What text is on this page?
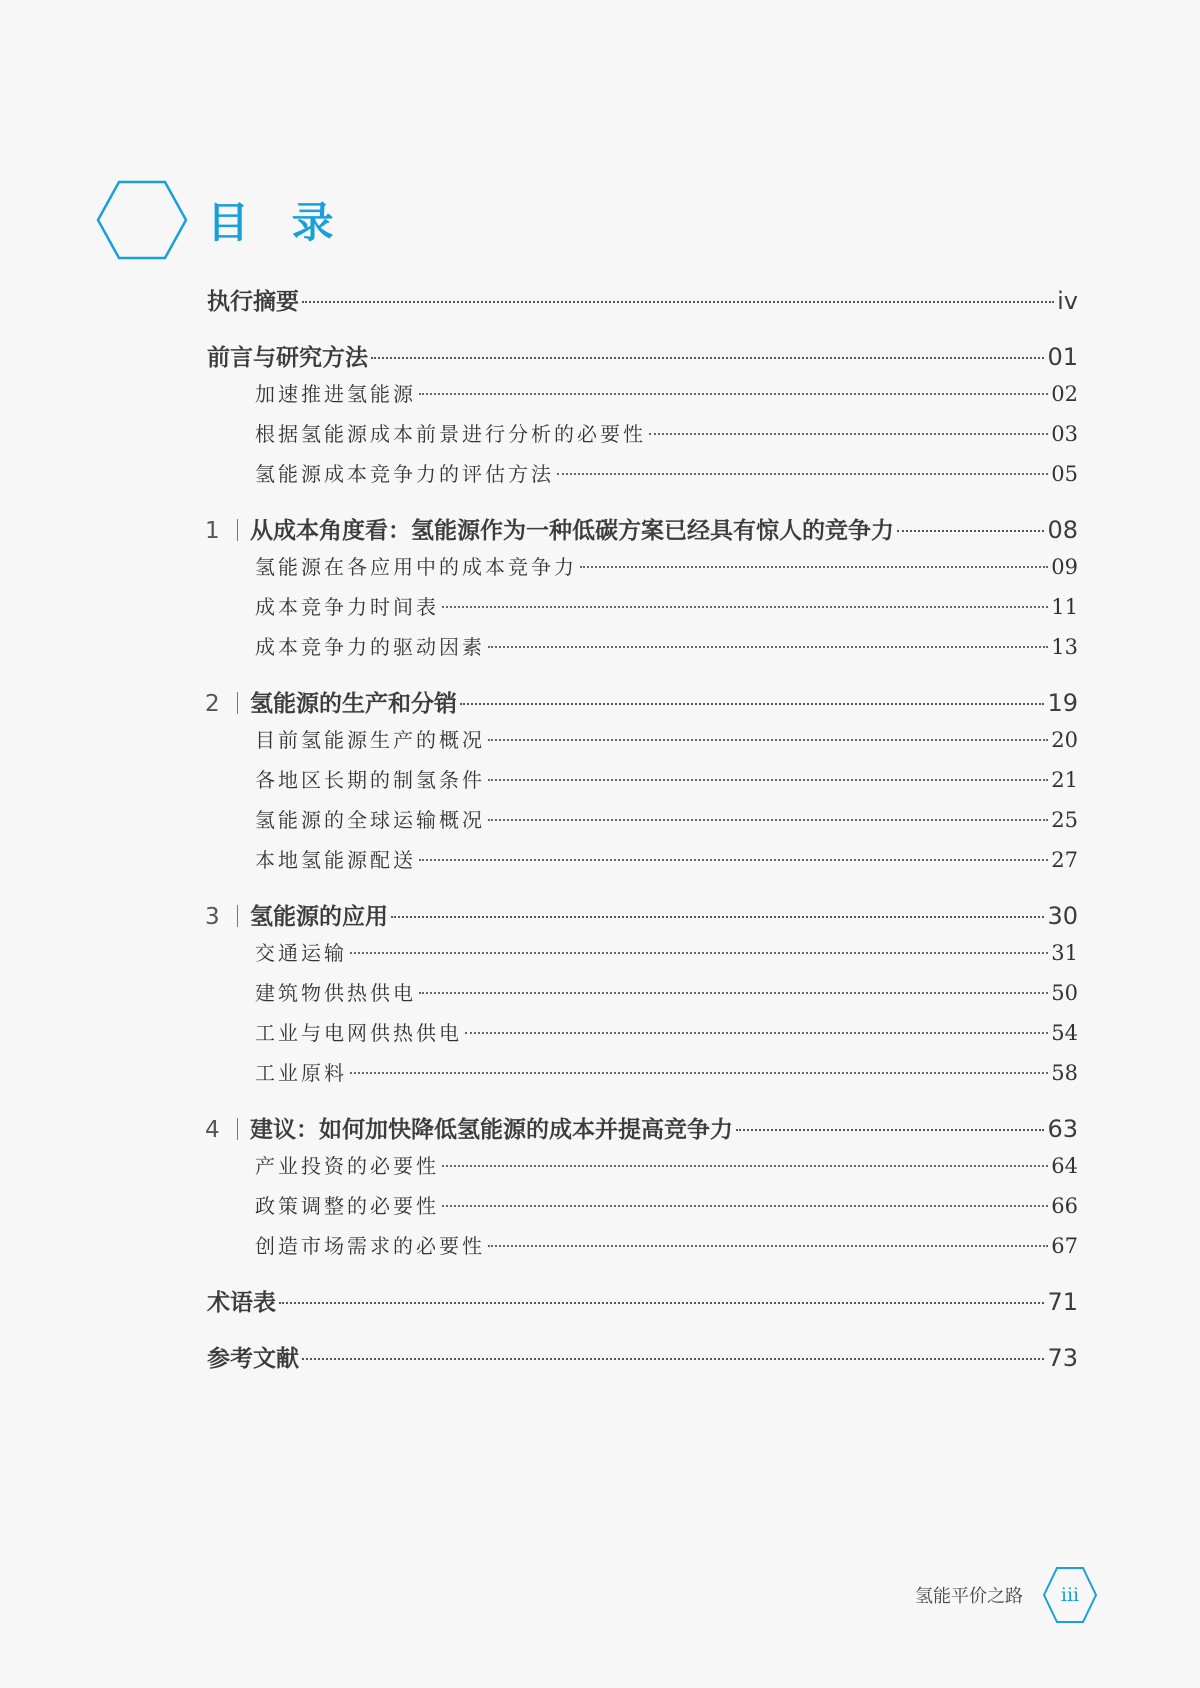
目 录
执行摘要	iv
前言与研究方法	01
加速推进氢能源	02
根据氢能源成本前景进行分析的必要性	03
氢能源成本竞争力的评估方法	05
1 从成本角度看：氢能源作为一种低碳方案已经具有惊人的竞争力	08
氢能源在各应用中的成本竞争力	09
成本竞争力时间表	11
成本竞争力的驱动因素	13
2 氢能源的生产和分销	19
目前氢能源生产的概况	20
各地区长期的制氢条件	21
氢能源的全球运输概况	25
本地氢能源配送	27
3 氢能源的应用	30
交通运输	31
建筑物供热供电	50
工业与电网供热供电	54
工业原料	58
4 建议：如何加快降低氢能源的成本并提高竞争力	63
产业投资的必要性	64
政策调整的必要性	66
创造市场需求的必要性	67
术语表	71
参考文献	73
氢能平价之路	iii
